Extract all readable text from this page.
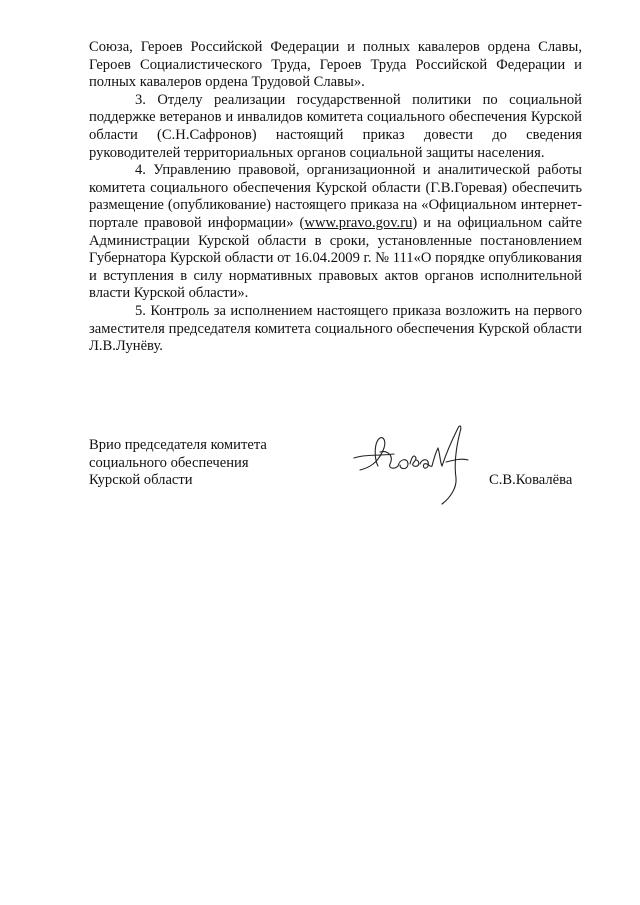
Союза, Героев Российской Федерации и полных кавалеров ордена Славы, Героев Социалистического Труда, Героев Труда Российской Федерации и полных кавалеров ордена Трудовой Славы».

3. Отделу реализации государственной политики по социальной поддержке ветеранов и инвалидов комитета социального обеспечения Курской области (С.Н.Сафронов) настоящий приказ довести до сведения руководителей территориальных органов социальной защиты населения.

4. Управлению правовой, организационной и аналитической работы комитета социального обеспечения Курской области (Г.В.Горевая) обеспечить размещение (опубликование) настоящего приказа на «Официальном интернет-портале правовой информации» (www.pravo.gov.ru) и на официальном сайте Администрации Курской области в сроки, установленные постановлением Губернатора Курской области от 16.04.2009 г. № 111«О порядке опубликования и вступления в силу нормативных правовых актов органов исполнительной власти Курской области».

5. Контроль за исполнением настоящего приказа возложить на первого заместителя председателя комитета социального обеспечения Курской области Л.В.Лунёву.

Врио председателя комитета
социального обеспечения
Курской области	С.В.Ковалёва
